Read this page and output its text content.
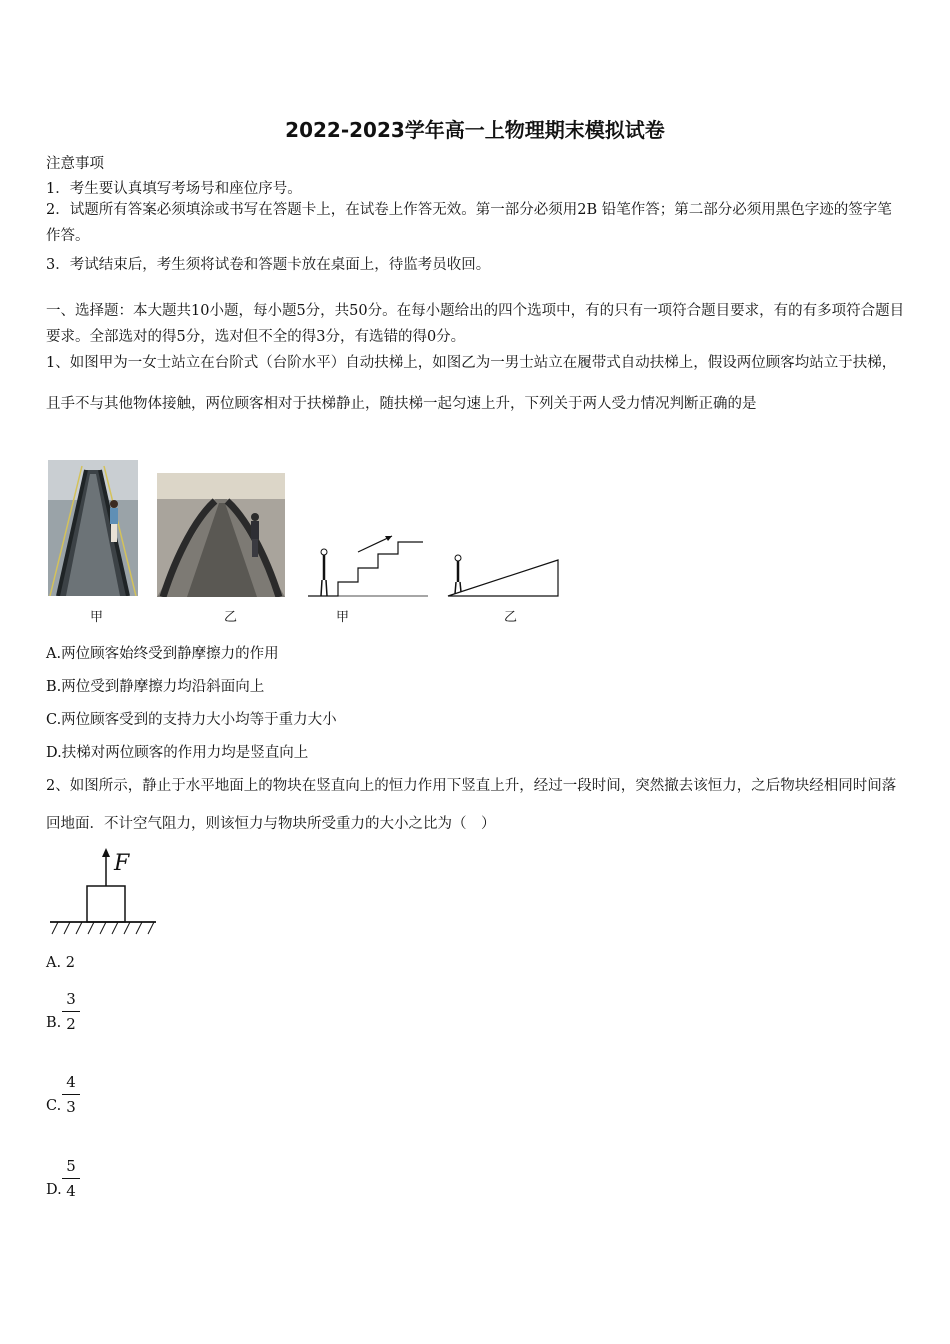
2022-2023学年高一上物理期末模拟试卷
注意事项
1．考生要认真填写考场号和座位序号。
2．试题所有答案必须填涂或书写在答题卡上，在试卷上作答无效。第一部分必须用2B 铅笔作答；第二部分必须用黑色字迹的签字笔作答。
3．考试结束后，考生须将试卷和答题卡放在桌面上，待监考员收回。
一、选择题：本大题共10小题，每小题5分，共50分。在每小题给出的四个选项中，有的只有一项符合题目要求，有的有多项符合题目要求。全部选对的得5分，选对但不全的得3分，有选错的得0分。
1、如图甲为一女士站立在台阶式（台阶水平）自动扶梯上，如图乙为一男士站立在履带式自动扶梯上，假设两位顾客均站立于扶梯，且手不与其他物体接触，两位顾客相对于扶梯静止，随扶梯一起匀速上升，下列关于两人受力情况判断正确的是
甲	乙	甲	乙
A.两位顾客始终受到静摩擦力的作用
B.两位受到静摩擦力均沿斜面向上
C.两位顾客受到的支持力大小均等于重力大小
D.扶梯对两位顾客的作用力均是竖直向上
2、如图所示，静止于水平地面上的物块在竖直向上的恒力作用下竖直上升，经过一段时间，突然撤去该恒力，之后物块经相同时间落回地面．不计空气阻力，则该恒力与物块所受重力的大小之比为（　）
F
A. 2
B.
3
2
C.
4
3
D.
5
4
